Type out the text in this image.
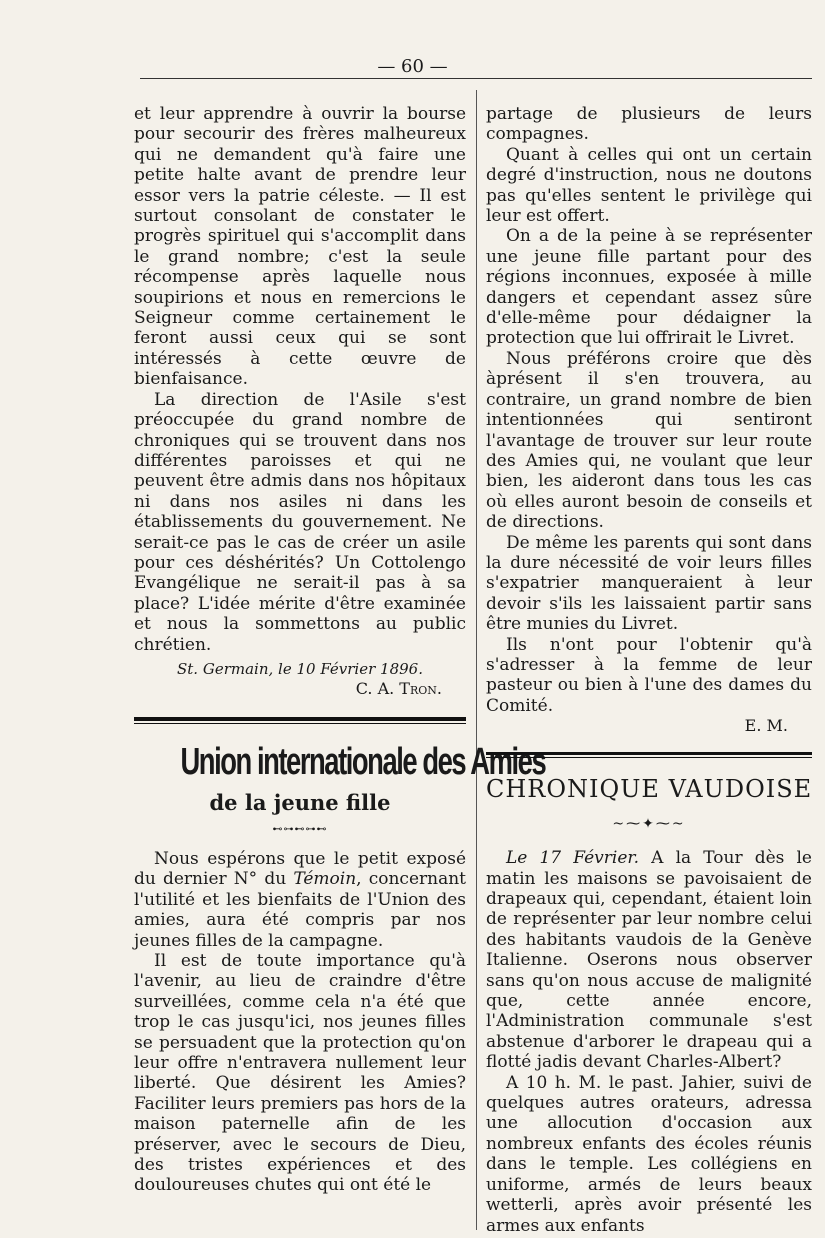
— 60 —

et leur apprendre à ouvrir la bourse pour secourir des frères malheureux qui ne demandent qu'à faire une petite halte avant de prendre leur essor vers la patrie céleste. — Il est surtout consolant de constater le progrès spirituel qui s'accomplit dans le grand nombre; c'est la seule récompense après laquelle nous soupirions et nous en remercions le Seigneur comme certainement le feront aussi ceux qui se sont intéressés à cette œuvre de bienfaisance.

La direction de l'Asile s'est préoccupée du grand nombre de chroniques qui se trouvent dans nos différentes paroisses et qui ne peuvent être admis dans nos hôpitaux ni dans nos asiles ni dans les établissements du gouvernement. Ne serait-ce pas le cas de créer un asile pour ces déshérités? Un Cottolengo Evangélique ne serait-il pas à sa place? L'idée mérite d'être examinée et nous la sommettons au public chrétien.

St. Germain, le 10 Février 1896.
C. A. Tron.
Union internationale des Amies
de la jeune fille
⊷⊶⊷⊶⊷

Nous espérons que le petit exposé du dernier N° du Témoin, concernant l'utilité et les bienfaits de l'Union des amies, aura été compris par nos jeunes filles de la campagne.

Il est de toute importance qu'à l'avenir, au lieu de craindre d'être surveillées, comme cela n'a été que trop le cas jusqu'ici, nos jeunes filles se persuadent que la protection qu'on leur offre n'entravera nullement leur liberté. Que désirent les Amies? Faciliter leurs premiers pas hors de la maison paternelle afin de les préserver, avec le secours de Dieu, des tristes expériences et des douloureuses chutes qui ont été le

partage de plusieurs de leurs compagnes.

Quant à celles qui ont un certain degré d'instruction, nous ne doutons pas qu'elles sentent le privilège qui leur est offert.

On a de la peine à se représenter une jeune fille partant pour des régions inconnues, exposée à mille dangers et cependant assez sûre d'elle-même pour dédaigner la protection que lui offrirait le Livret.

Nous préférons croire que dès àprésent il s'en trouvera, au contraire, un grand nombre de bien intentionnées qui sentiront l'avantage de trouver sur leur route des Amies qui, ne voulant que leur bien, les aideront dans tous les cas où elles auront besoin de conseils et de directions.

De même les parents qui sont dans la dure nécessité de voir leurs filles s'expatrier manqueraient à leur devoir s'ils les laissaient partir sans être munies du Livret.

Ils n'ont pour l'obtenir qu'à s'adresser à la femme de leur pasteur ou bien à l'une des dames du Comité.

E. M.
CHRONIQUE VAUDOISE
~⁓✦⁓~

Le 17 Février. A la Tour dès le matin les maisons se pavoisaient de drapeaux qui, cependant, étaient loin de représenter par leur nombre celui des habitants vaudois de la Genève Italienne. Oserons nous observer sans qu'on nous accuse de malignité que, cette année encore, l'Administration communale s'est abstenue d'arborer le drapeau qui a flotté jadis devant Charles-Albert?

A 10 h. M. le past. Jahier, suivi de quelques autres orateurs, adressa une allocution d'occasion aux nombreux enfants des écoles réunis dans le temple. Les collégiens en uniforme, armés de leurs beaux wetterli, après avoir présenté les armes aux enfants
